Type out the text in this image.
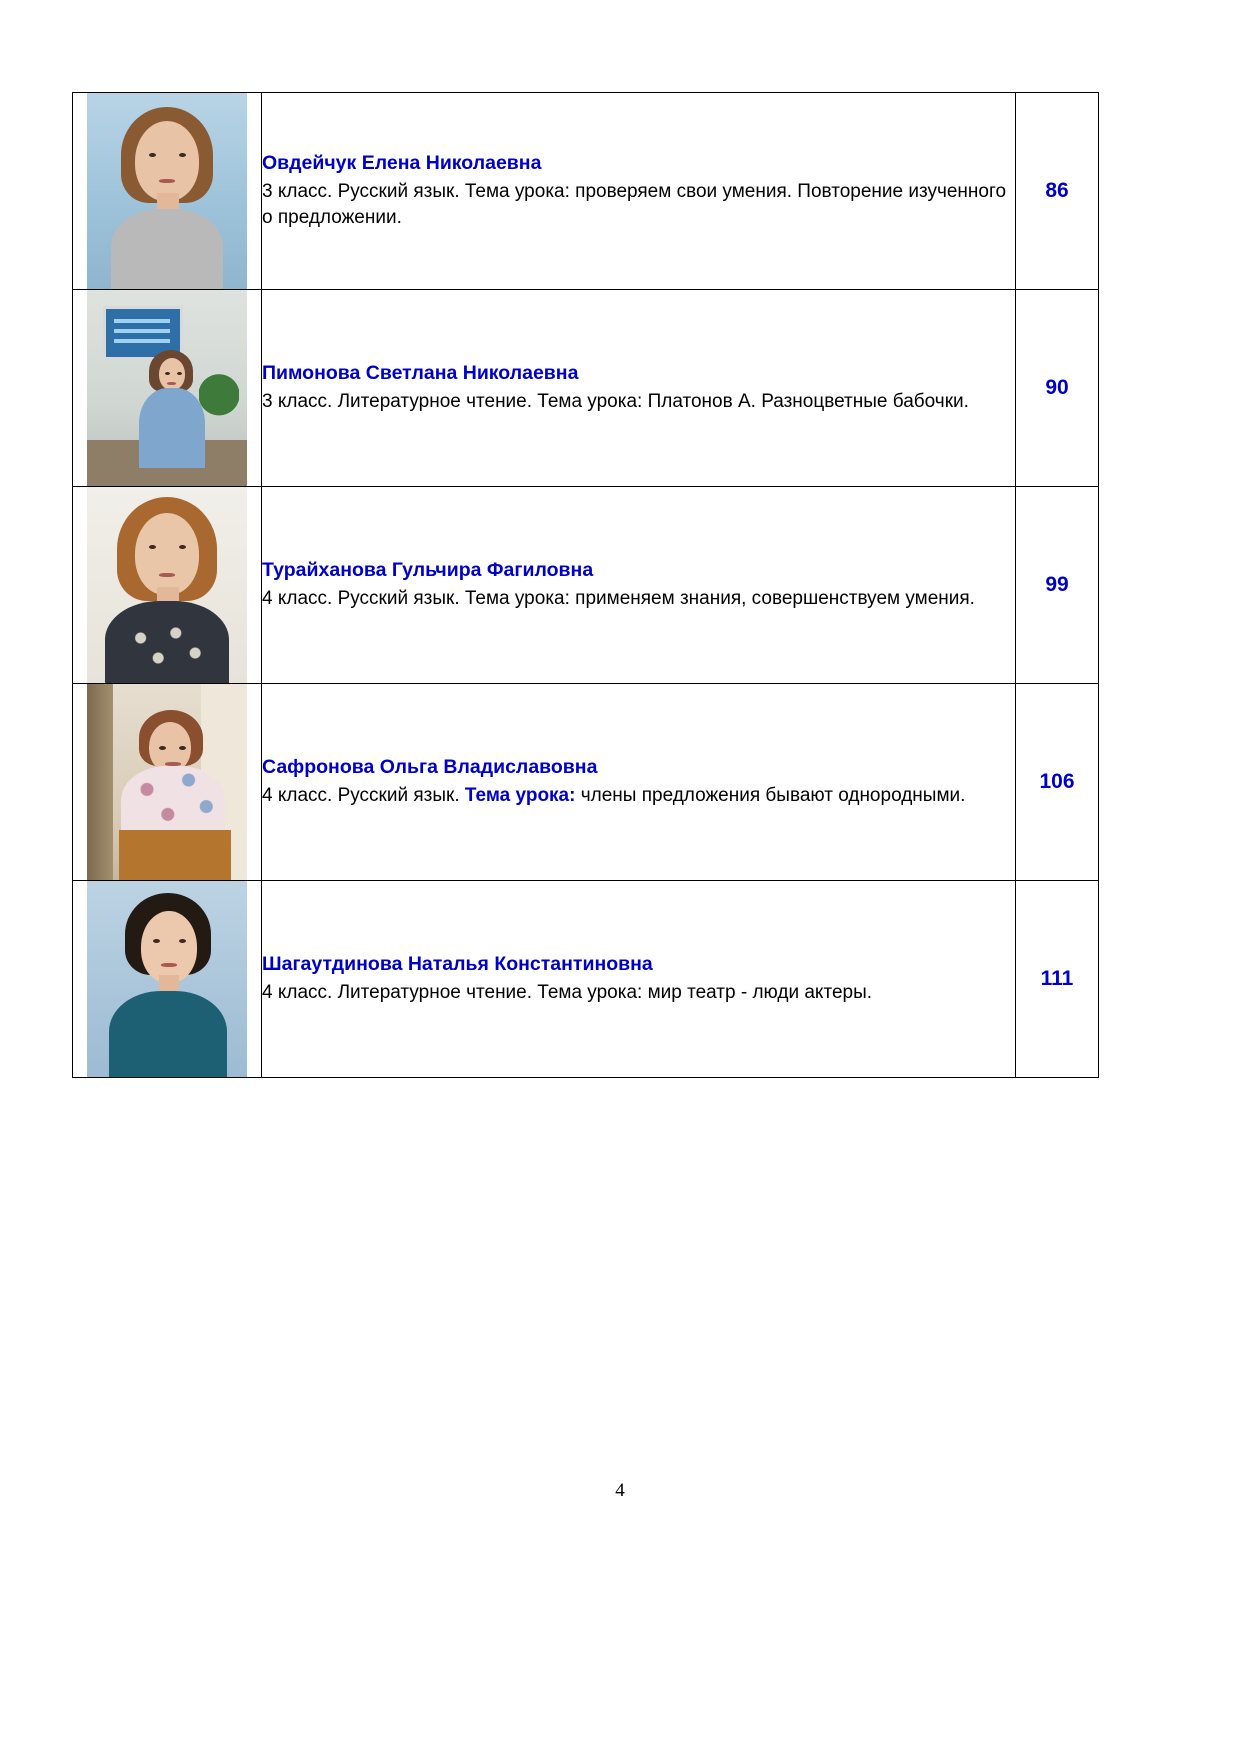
	Овдейчук Елена Николаевна
3 класс. Русский язык. Тема урока: проверяем свои умения. Повторение изученного о предложении.	86

	Пимонова Светлана Николаевна
3 класс. Литературное чтение. Тема урока: Платонов А. Разноцветные бабочки.	90

	Турайханова Гульчира Фагиловна
4 класс. Русский язык. Тема урока: применяем знания, совершенствуем умения.	99

	Сафронова Ольга Владиславовна
4 класс. Русский язык. Тема урока: члены предложения бывают однородными.	106

	Шагаутдинова Наталья Константиновна
4 класс. Литературное чтение. Тема урока: мир театр - люди актеры.	111
4
